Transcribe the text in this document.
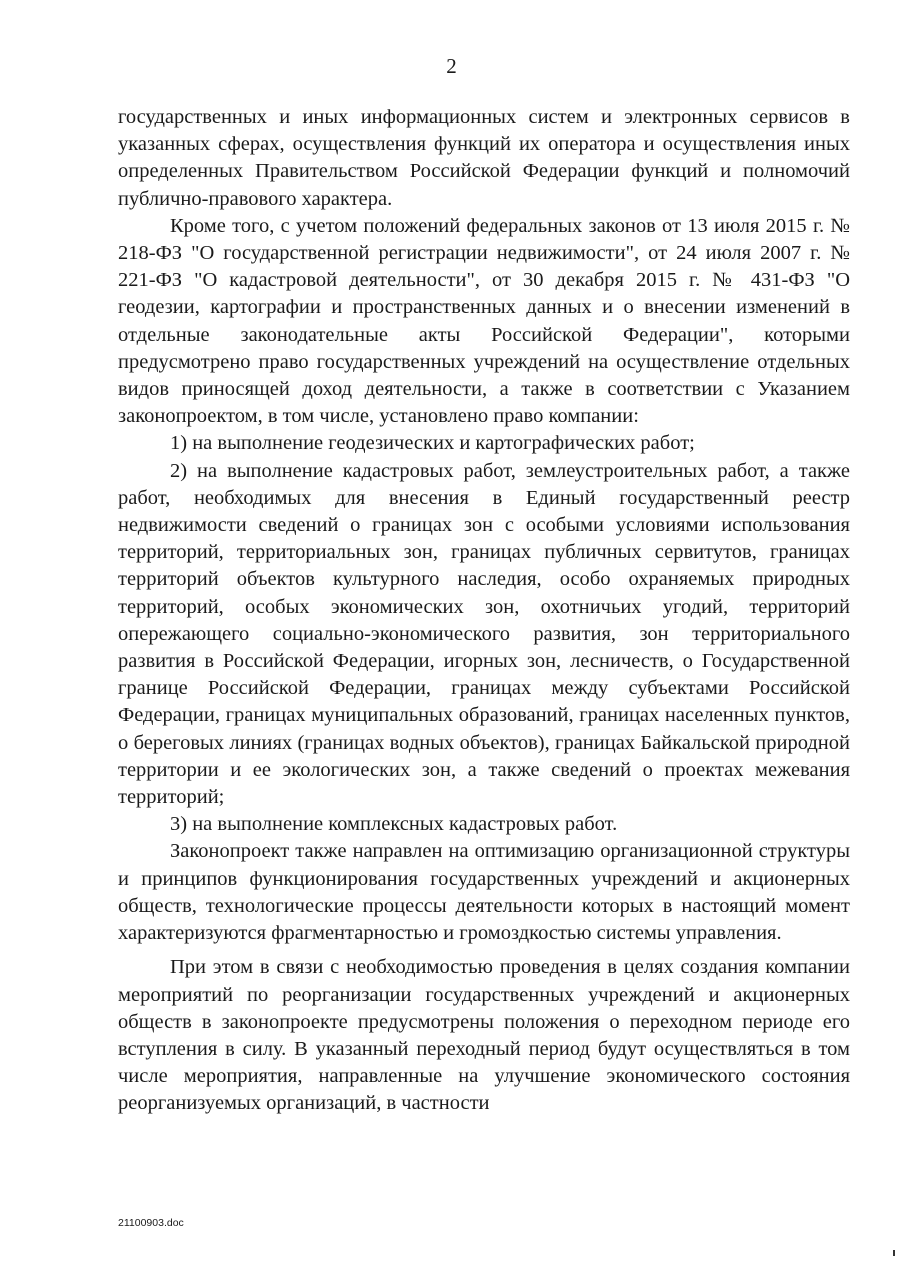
2

государственных и иных информационных систем и электронных сервисов в указанных сферах, осуществления функций их оператора и осуществления иных определенных Правительством Российской Федерации функций и полномочий публично-правового характера.

Кроме того, с учетом положений федеральных законов от 13 июля 2015 г. № 218-ФЗ "О государственной регистрации недвижимости", от 24 июля 2007 г. № 221-ФЗ "О кадастровой деятельности", от 30 декабря 2015 г. № 431-ФЗ "О геодезии, картографии и пространственных данных и о внесении изменений в отдельные законодательные акты Российской Федерации", которыми предусмотрено право государственных учреждений на осуществление отдельных видов приносящей доход деятельности, а также в соответствии с Указанием законопроектом, в том числе, установлено право компании:

1) на выполнение геодезических и картографических работ;

2) на выполнение кадастровых работ, землеустроительных работ, а также работ, необходимых для внесения в Единый государственный реестр недвижимости сведений о границах зон с особыми условиями использования территорий, территориальных зон, границах публичных сервитутов, границах территорий объектов культурного наследия, особо охраняемых природных территорий, особых экономических зон, охотничьих угодий, территорий опережающего социально-экономического развития, зон территориального развития в Российской Федерации, игорных зон, лесничеств, о Государственной границе Российской Федерации, границах между субъектами Российской Федерации, границах муниципальных образований, границах населенных пунктов, о береговых линиях (границах водных объектов), границах Байкальской природной территории и ее экологических зон, а также сведений о проектах межевания территорий;

3) на выполнение комплексных кадастровых работ.

Законопроект также направлен на оптимизацию организационной структуры и принципов функционирования государственных учреждений и акционерных обществ, технологические процессы деятельности которых в настоящий момент характеризуются фрагментарностью и громоздкостью системы управления.

При этом в связи с необходимостью проведения в целях создания компании мероприятий по реорганизации государственных учреждений и акционерных обществ в законопроекте предусмотрены положения о переходном периоде его вступления в силу. В указанный переходный период будут осуществляться в том числе мероприятия, направленные на улучшение экономического состояния реорганизуемых организаций, в частности

21100903.doc
